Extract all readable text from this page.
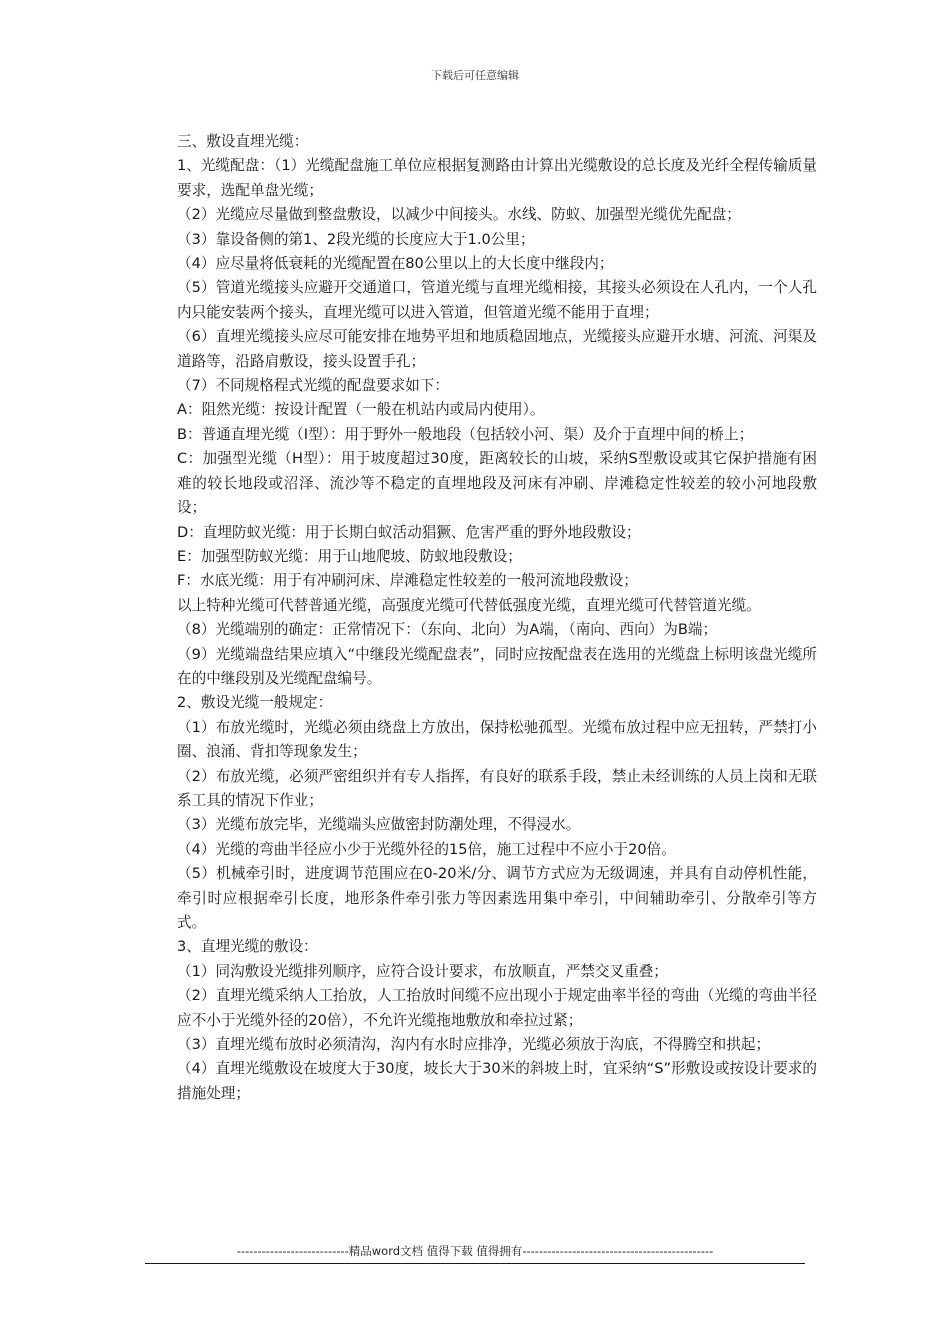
下载后可任意编辑

三、敷设直埋光缆：

1、光缆配盘：（1）光缆配盘施工单位应根据复测路由计算出光缆敷设的总长度及光纤全程传输质量要求，选配单盘光缆；

（2）光缆应尽量做到整盘敷设，以减少中间接头。水线、防蚁、加强型光缆优先配盘；

（3）靠设备侧的第1、2段光缆的长度应大于1.0公里；

（4）应尽量将低衰耗的光缆配置在80公里以上的大长度中继段内；

（5）管道光缆接头应避开交通道口，管道光缆与直埋光缆相接，其接头必须设在人孔内，一个人孔内只能安装两个接头，直埋光缆可以进入管道，但管道光缆不能用于直埋；

（6）直埋光缆接头应尽可能安排在地势平坦和地质稳固地点，光缆接头应避开水塘、河流、河渠及道路等，沿路肩敷设，接头设置手孔；

（7）不同规格程式光缆的配盘要求如下：

A：阻然光缆：按设计配置（一般在机站内或局内使用）。

B：普通直埋光缆（I型）：用于野外一般地段（包括较小河、渠）及介于直埋中间的桥上；

C：加强型光缆（H型）：用于坡度超过30度，距离较长的山坡，采纳S型敷设或其它保护措施有困难的较长地段或沼泽、流沙等不稳定的直埋地段及河床有冲刷、岸滩稳定性较差的较小河地段敷设；

D：直埋防蚁光缆：用于长期白蚁活动猖獗、危害严重的野外地段敷设；

E：加强型防蚁光缆：用于山地爬坡、防蚁地段敷设；

F：水底光缆：用于有冲刷河床、岸滩稳定性较差的一般河流地段敷设；

以上特种光缆可代替普通光缆，高强度光缆可代替低强度光缆，直埋光缆可代替管道光缆。

（8）光缆端别的确定：正常情况下：（东向、北向）为A端，（南向、西向）为B端；

（9）光缆端盘结果应填入“中继段光缆配盘表”，同时应按配盘表在选用的光缆盘上标明该盘光缆所在的中继段别及光缆配盘编号。

2、敷设光缆一般规定：

（1）布放光缆时，光缆必须由绕盘上方放出，保持松驰孤型。光缆布放过程中应无扭转，严禁打小圈、浪涌、背扣等现象发生；

（2）布放光缆，必须严密组织并有专人指挥，有良好的联系手段，禁止未经训练的人员上岗和无联系工具的情况下作业；

（3）光缆布放完毕，光缆端头应做密封防潮处理，不得浸水。

（4）光缆的弯曲半径应小少于光缆外径的15倍，施工过程中不应小于20倍。

（5）机械牵引时，进度调节范围应在0-20米/分、调节方式应为无级调速，并具有自动停机性能，牵引时应根据牵引长度，地形条件牵引张力等因素选用集中牵引，中间辅助牵引、分散牵引等方式。

3、直埋光缆的敷设：

（1）同沟敷设光缆排列顺序，应符合设计要求，布放顺直，严禁交叉重叠；

（2）直埋光缆采纳人工抬放，人工抬放时间缆不应出现小于规定曲率半径的弯曲（光缆的弯曲半径应不小于光缆外径的20倍），不允许光缆拖地敷放和牵拉过紧；

（3）直埋光缆布放时必须清沟，沟内有水时应排净，光缆必须放于沟底，不得腾空和拱起；

（4）直埋光缆敷设在坡度大于30度，坡长大于30米的斜坡上时，宜采纳“S”形敷设或按设计要求的措施处理；

---------------------------精品word文档 值得下载 值得拥有----------------------------------------------
